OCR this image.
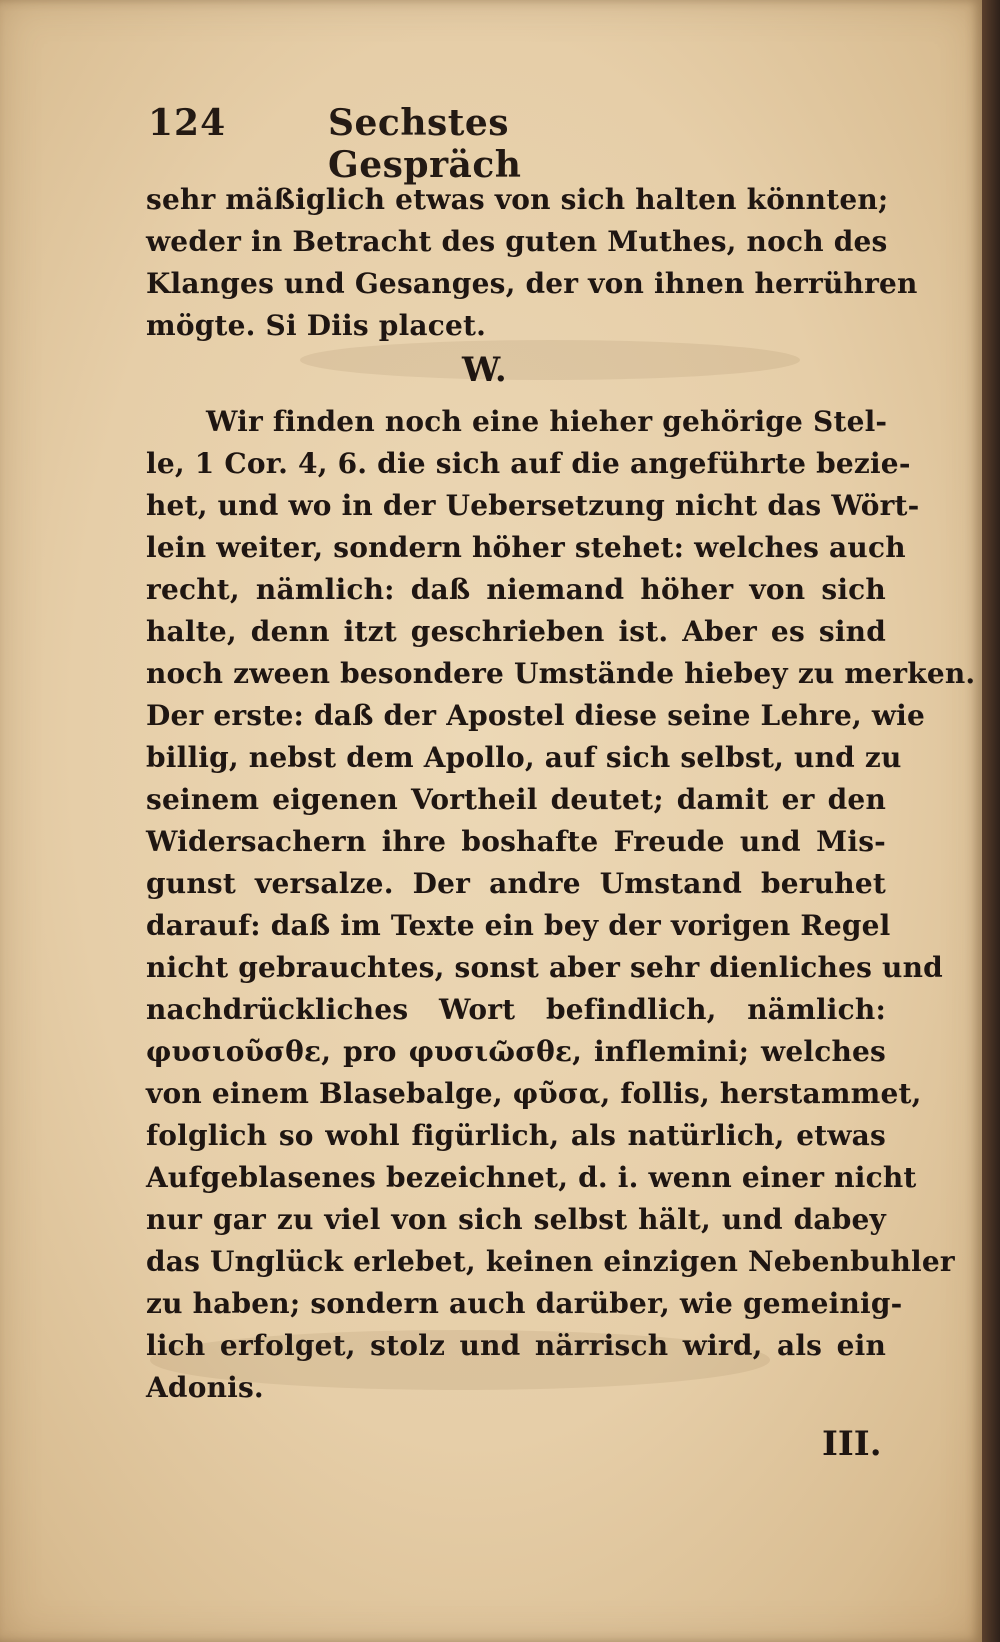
124	Sechstes Gespräch
sehr mäßiglich etwas von sich halten könnten;
weder in Betracht des guten Muthes, noch des
Klanges und Gesanges, der von ihnen herrühren
mögte. Si Diis placet.
W.
Wir finden noch eine hieher gehörige Stel-
le, 1 Cor. 4, 6. die sich auf die angeführte bezie-
het, und wo in der Uebersetzung nicht das Wört-
lein weiter, sondern höher stehet: welches auch
recht, nämlich: daß niemand höher von sich
halte, denn itzt geschrieben ist. Aber es sind
noch zween besondere Umstände hiebey zu merken.
Der erste: daß der Apostel diese seine Lehre, wie
billig, nebst dem Apollo, auf sich selbst, und zu
seinem eigenen Vortheil deutet; damit er den
Widersachern ihre boshafte Freude und Mis-
gunst versalze. Der andre Umstand beruhet
darauf: daß im Texte ein bey der vorigen Regel
nicht gebrauchtes, sonst aber sehr dienliches und
nachdrückliches Wort befindlich, nämlich:
φυσιοῦσθε, pro φυσιῶσθε, inflemini; welches
von einem Blasebalge, φῦσα, follis, herstammet,
folglich so wohl figürlich, als natürlich, etwas
Aufgeblasenes bezeichnet, d. i. wenn einer nicht
nur gar zu viel von sich selbst hält, und dabey
das Unglück erlebet, keinen einzigen Nebenbuhler
zu haben; sondern auch darüber, wie gemeinig-
lich erfolget, stolz und närrisch wird, als ein
Adonis.
III.
